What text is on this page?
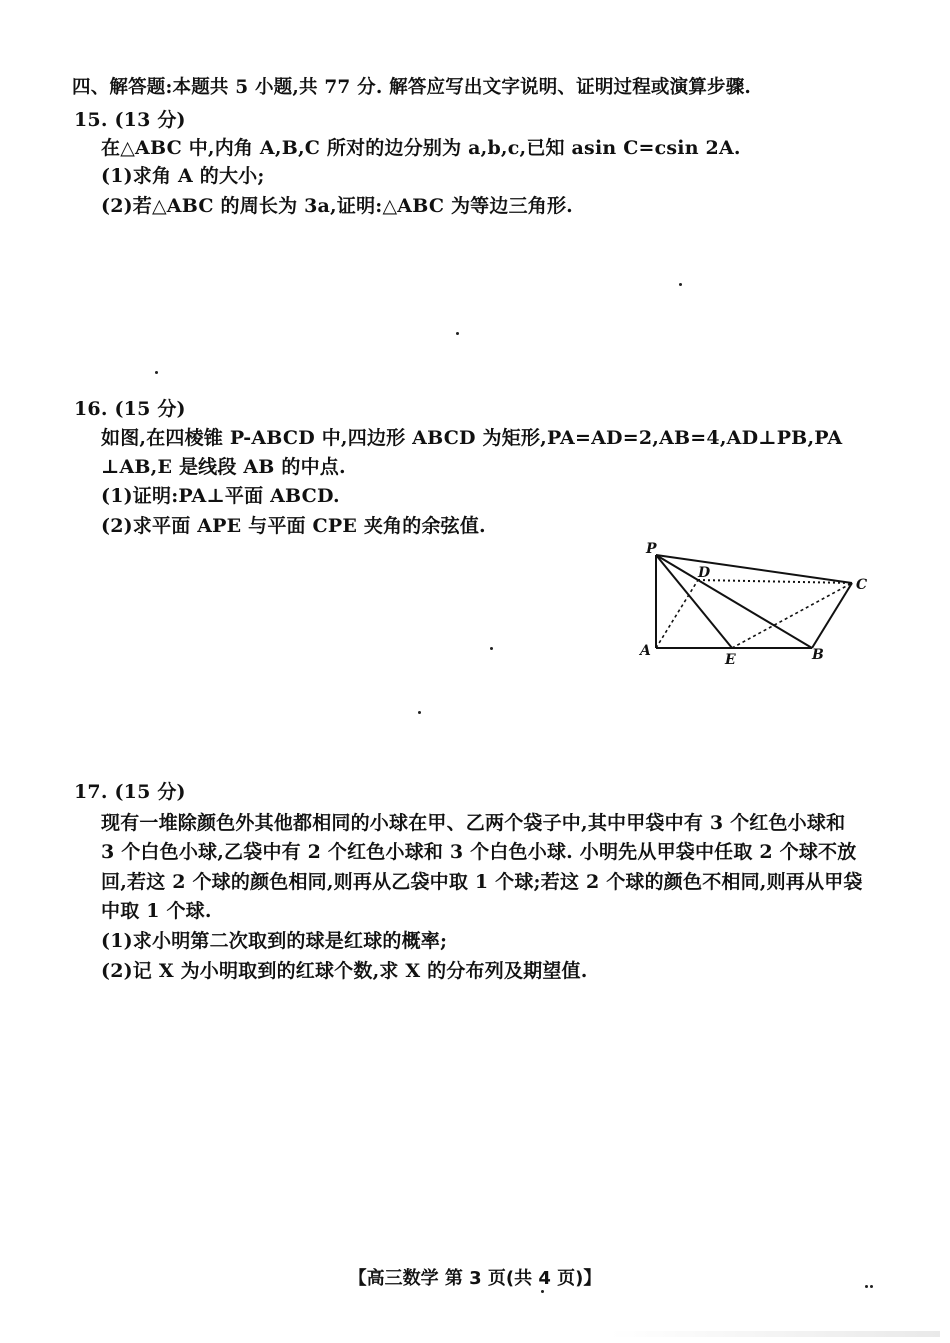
四、解答题:本题共 5 小题,共 77 分. 解答应写出文字说明、证明过程或演算步骤.
15. (13 分)
在△ABC 中,内角 A,B,C 所对的边分别为 a,b,c,已知 asin C=csin 2A.
(1)求角 A 的大小;
(2)若△ABC 的周长为 3a,证明:△ABC 为等边三角形.
16. (15 分)
如图,在四棱锥 P-ABCD 中,四边形 ABCD 为矩形,PA=AD=2,AB=4,AD⊥PB,PA
⊥AB,E 是线段 AB 的中点.
(1)证明:PA⊥平面 ABCD.
(2)求平面 APE 与平面 CPE 夹角的余弦值.
P
D
C
A
E	B
17. (15 分)
现有一堆除颜色外其他都相同的小球在甲、乙两个袋子中,其中甲袋中有 3 个红色小球和
3 个白色小球,乙袋中有 2 个红色小球和 3 个白色小球. 小明先从甲袋中任取 2 个球不放
回,若这 2 个球的颜色相同,则再从乙袋中取 1 个球;若这 2 个球的颜色不相同,则再从甲袋
中取 1 个球.
(1)求小明第二次取到的球是红球的概率;
(2)记 X 为小明取到的红球个数,求 X 的分布列及期望值.
【高三数学 第 3 页(共 4 页)】
